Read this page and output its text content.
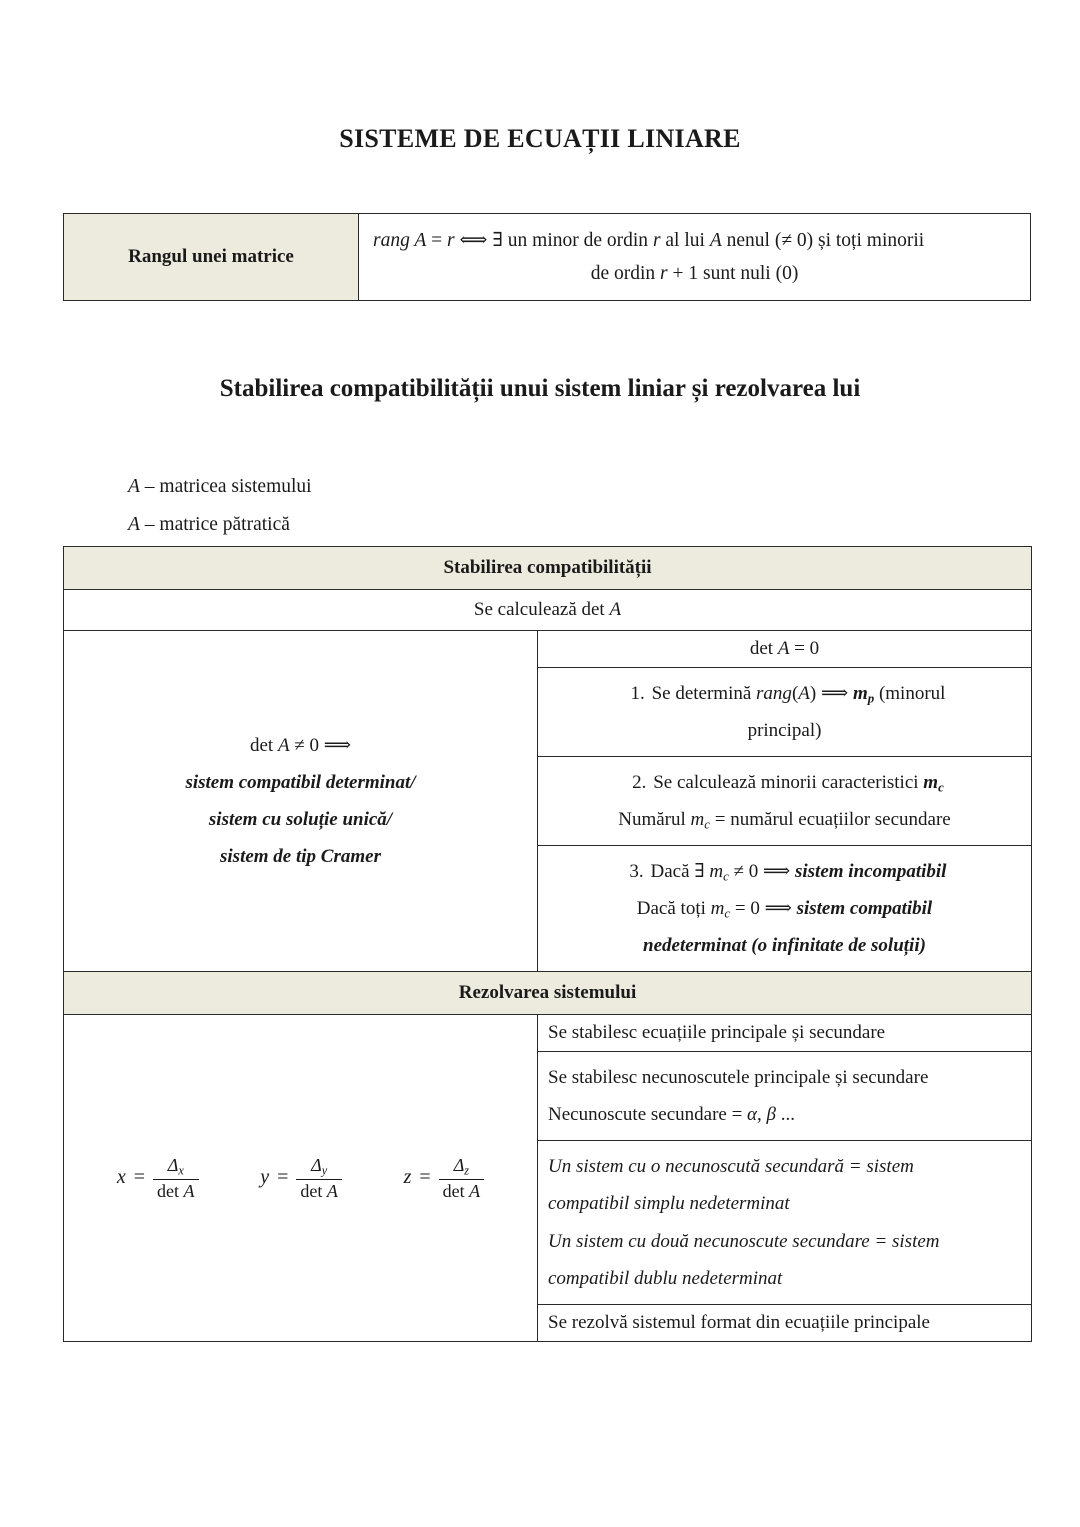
SISTEME DE ECUAȚII LINIARE
Rangul unei matrice	
rang A = r ⟺ ∃ un minor de ordin r al lui A nenul (≠ 0) și toți minorii
de ordin r + 1 sunt nuli (0)
Stabilirea compatibilității unui sistem liniar și rezolvarea lui
A – matricea sistemului
A – matrice pătratică
Stabilirea compatibilității	
Se calculează det A	

det A ≠ 0 ⟹
sistem compatibil determinat/
sistem cu soluție unică/
sistem de tip Cramer	det A = 0

	1. Se determină rang(A) ⟹ $m_p$ (minorul
principal)

	2. Se calculează minorii caracteristici $m_c$
Numărul $m_c$ = numărul ecuațiilor secundare

	3. Dacă ∃ $m_c \ne 0$ ⟹ sistem incompatibil
Dacă toți $m_c = 0$ ⟹ sistem compatibil
nedeterminat (o infinitate de soluții)

Rezolvarea sistemului	

$x = \frac{\Delta_x}{\text{det A}}$	$y = \frac{\Delta_y}{\text{det A}}$	$z = \frac{\Delta_z}{\text{det A}}$
	Se stabilesc ecuațiile principale și secundare

	Se stabilesc necunoscutele principale și secundare
Necunoscute secundare = α, β ...

	Un sistem cu o necunoscută secundară = sistem
compatibil simplu nedeterminat
Un sistem cu două necunoscute secundare = sistem
compatibil dublu nedeterminat

	Se rezolvă sistemul format din ecuațiile principale
